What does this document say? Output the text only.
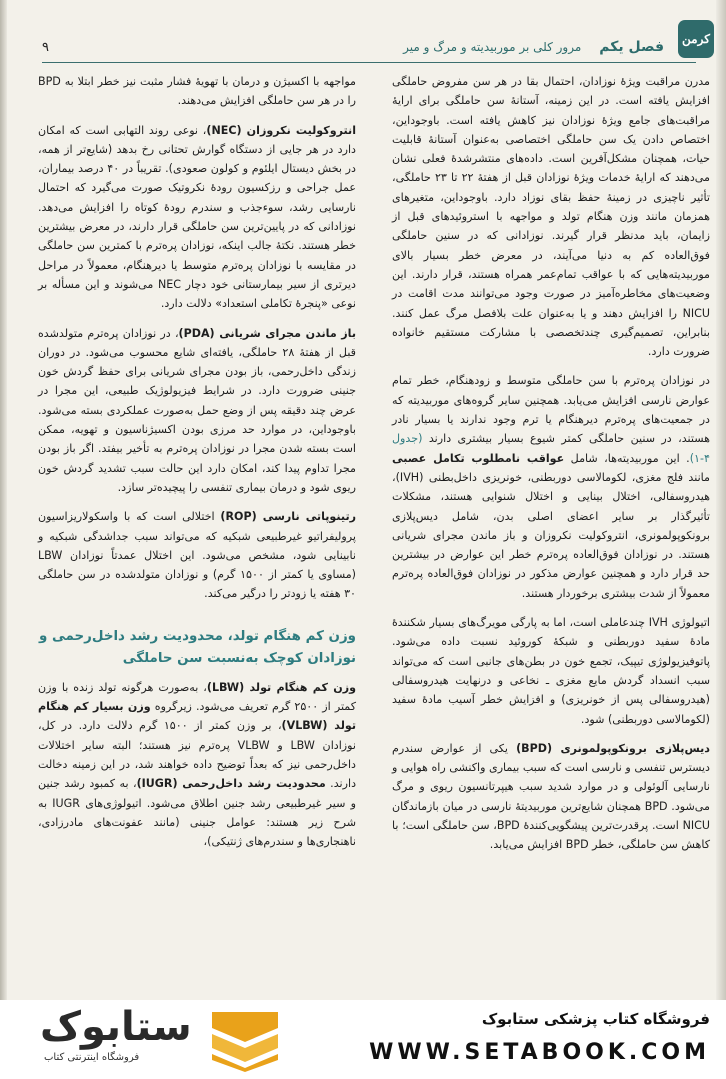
کرمن
فصل یکم
مرور کلی بر موربیدیته و مرگ و میر
۹

مدرن مراقبت ویژهٔ نوزادان، احتمال بقا در هر سن مفروض حاملگی افزایش یافته است. در این زمینه، آستانهٔ سن حاملگی برای ارایهٔ مراقبت‌های جامع ویژهٔ نوزادان نیز کاهش یافته است. باوجوداین، اختصاص دادن یک سن حاملگی اختصاصی به‌عنوان آستانهٔ قابلیت حیات، همچنان مشکل‌آفرین است. داده‌های منتشرشدهٔ فعلی نشان می‌دهند که ارایهٔ خدمات ویژهٔ نوزادان قبل از هفتهٔ ۲۲ تا ۲۳ حاملگی، تأثیر ناچیزی در زمینهٔ حفظ بقای نوزاد دارد. باوجوداین، متغیرهای همزمان مانند وزن هنگام تولد و مواجهه با استروئیدهای قبل از زایمان، باید مدنظر قرار گیرند. نوزادانی که در سنین حاملگی فوق‌العاده کم به دنیا می‌آیند، در معرض خطر بسیار بالای موربیدیته‌هایی که با عواقب تمام‌عمر همراه هستند، قرار دارند. این وضعیت‌های مخاطره‌آمیز در صورت وجود می‌توانند مدت اقامت در NICU را افزایش دهند و یا به‌عنوان علت بلافصل مرگ عمل کنند. بنابراین، تصمیم‌گیری چندتخصصی با مشارکت مستقیم خانواده ضرورت دارد.

در نوزادان پره‌ترم با سن حاملگی متوسط و زودهنگام، خطر تمام عوارض نارسی افزایش می‌یابد. همچنین سایر گروه‌های موربیدیته که در جمعیت‌های پره‌ترم دیرهنگام یا ترم وجود ندارند یا بسیار نادر هستند، در سنین حاملگی کمتر شیوع بسیار بیشتری دارند (جدول ۴-۱). این موربیدیته‌ها، شامل عواقب نامطلوب تکامل عصبی مانند فلج مغزی، لکومالاسی دوربطنی، خونریزی داخل‌بطنی (IVH)، هیدروسفالی، اختلال بینایی و اختلال شنوایی هستند، مشکلات تأثیرگذار بر سایر اعضای اصلی بدن، شامل دیس‌پلازی برونکوپولمونری، انتروکولیت نکروزان و باز ماندن مجرای شریانی هستند. در نوزادان فوق‌العاده پره‌ترم خطر این عوارض در بیشترین حد قرار دارد و همچنین عوارض مذکور در نوزادان فوق‌العاده پره‌ترم معمولاً از شدت بیشتری برخوردار هستند.

اتیولوژی IVH چندعاملی است، اما به پارگی مویرگ‌های بسیار شکنندهٔ مادهٔ سفید دوربطنی و شبکهٔ کوروئید نسبت داده می‌شود. پاتوفیزیولوژی تیپیک، تجمع خون در بطن‌های جانبی است که می‌تواند سبب انسداد گردش مایع مغزی ـ نخاعی و درنهایت هیدروسفالی (هیدروسفالی پس از خونریزی) و افزایش خطر آسیب مادهٔ سفید (لکومالاسی دوربطنی) شود.

دیس‌پلازی برونکوپولمونری (BPD) یکی از عوارض سندرم دیسترس تنفسی و نارسی است که سبب بیماری واکنشی راه هوایی و نارسایی آلوئولی و در موارد شدید سبب هیپرتانسیون ریوی و مرگ می‌شود. BPD همچنان شایع‌ترین موربیدیتهٔ نارسی در میان بازماندگان NICU است. پرقدرت‌ترین پیشگویی‌کنندهٔ BPD، سن حاملگی است؛ با کاهش سن حاملگی، خطر BPD افزایش می‌یابد.

مواجهه با اکسیژن و درمان با تهویهٔ فشار مثبت نیز خطر ابتلا به BPD را در هر سن حاملگی افزایش می‌دهند.

انتروکولیت نکروزان (NEC)، نوعی روند التهابی است که امکان دارد در هر جایی از دستگاه گوارش تحتانی رخ بدهد (شایع‌تر از همه، در بخش دیستال ایلئوم و کولون صعودی). تقریباً در ۴۰ درصد بیماران، عمل جراحی و رزکسیون رودهٔ نکروتیک صورت می‌گیرد که احتمال نارسایی رشد، سوءجذب و سندرم رودهٔ کوتاه را افزایش می‌دهد. نوزادانی که در پایین‌ترین سن حاملگی قرار دارند، در معرض بیشترین خطر هستند. نکتهٔ جالب اینکه، نوزادان پره‌ترم با کمترین سن حاملگی در مقایسه با نوزادان پره‌ترم متوسط یا دیرهنگام، معمولاً در مراحل دیرتری از سیر بیمارستانی خود دچار NEC می‌شوند و این مسأله بر نوعی «پنجرهٔ تکاملی استعداد» دلالت دارد.

باز ماندن مجرای شریانی (PDA)، در نوزادان پره‌ترم متولدشده قبل از هفتهٔ ۲۸ حاملگی، یافته‌ای شایع محسوب می‌شود. در دوران زندگی داخل‌رحمی، باز بودن مجرای شریانی برای حفظ گردش خون جنینی ضرورت دارد. در شرایط فیزیولوژیک طبیعی، این مجرا در عرض چند دقیقه پس از وضع حمل به‌صورت عملکردی بسته می‌شود. باوجوداین، در موارد حد مرزی بودن اکسیژناسیون و تهویه، ممکن است بسته شدن مجرا در نوزادان پره‌ترم به تأخیر بیفتد. اگر باز بودن مجرا تداوم پیدا کند، امکان دارد این حالت سبب تشدید گردش خون ریوی شود و درمان بیماری تنفسی را پیچیده‌تر سازد.

رتینوپاتی نارسی (ROP) اختلالی است که با واسکولاریزاسیون پرولیفراتیو غیرطبیعی شبکیه که می‌تواند سبب جداشدگی شبکیه و نابینایی شود، مشخص می‌شود. این اختلال عمدتاً نوزادان LBW (مساوی یا کمتر از ۱۵۰۰ گرم) و نوزادان متولدشده در سن حاملگی ۳۰ هفته یا زودتر را درگیر می‌کند.

وزن کم هنگام تولد، محدودیت رشد داخل‌رحمی و نوزادان کوچک به‌نسبت سن حاملگی

وزن کم هنگام تولد (LBW)، به‌صورت هرگونه تولد زنده با وزن کمتر از ۲۵۰۰ گرم تعریف می‌شود. زیرگروه وزن بسیار کم هنگام تولد (VLBW)، بر وزن کمتر از ۱۵۰۰ گرم دلالت دارد. در کل، نوزادان LBW و VLBW پره‌ترم نیز هستند؛ البته سایر اختلالات داخل‌رحمی نیز که بعداً توضیح داده خواهند شد، در این زمینه دخالت دارند. محدودیت رشد داخل‌رحمی (IUGR)، به کمبود رشد جنین و سیر غیرطبیعی رشد جنین اطلاق می‌شود. اتیولوژی‌های IUGR به شرح زیر هستند: عوامل جنینی (مانند عفونت‌های مادرزادی، ناهنجاری‌ها و سندرم‌های ژنتیکی)،

ستابوک
فروشگاه اینترنتی کتاب
فروشگاه کتاب پزشکی ستابوک
WWW.SETABOOK.COM
